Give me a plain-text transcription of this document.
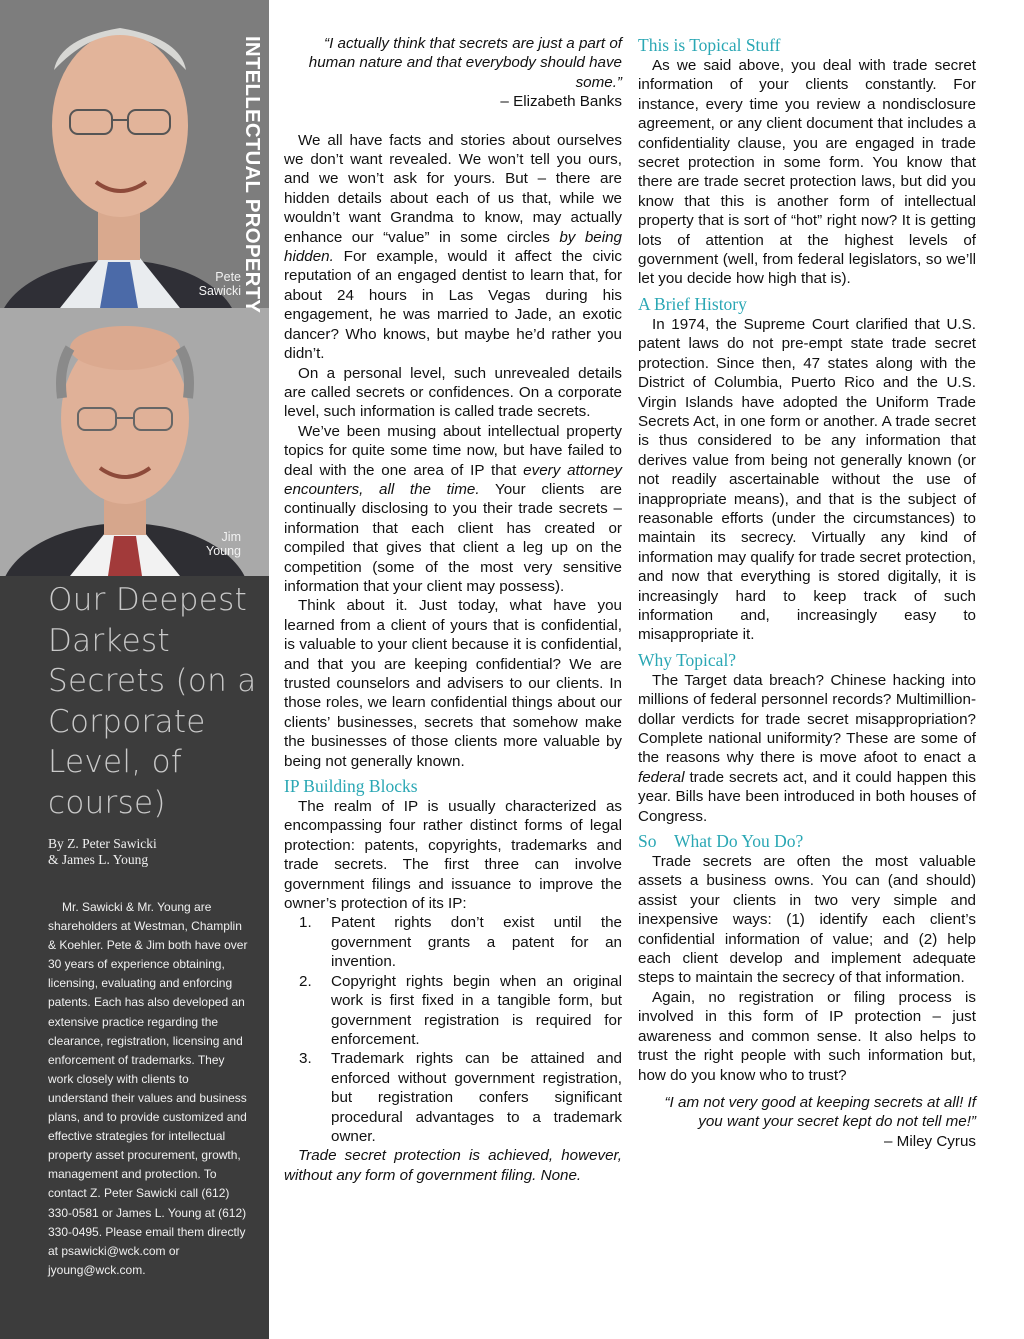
Pete
Sawicki
Jim
Young
INTELLECTUAL PROPERTY
Our Deepest Darkest Secrets (on a Corporate Level, of course)
By Z. Peter Sawicki
& James L. Young
Mr. Sawicki & Mr. Young are shareholders at Westman, Champlin & Koehler. Pete & Jim both have over 30 years of experience obtaining, licensing, evaluating and enforcing patents. Each has also developed an extensive practice regarding the clearance, registration, licensing and enforcement of trademarks. They work closely with clients to understand their values and business plans, and to provide customized and effective strategies for intellectual property asset procurement, growth, management and protection. To contact Z. Peter Sawicki call (612) 330-0581 or James L. Young at (612) 330-0495. Please email them directly at psawicki@wck.com or jyoung@wck.com.
“I actually think that secrets are just a part of human nature and that everybody should have some.”
– Elizabeth Banks

We all have facts and stories about ourselves we don’t want revealed. We won’t tell you ours, and we won’t ask for yours. But – there are hidden details about each of us that, while we wouldn’t want Grandma to know, may actually enhance our “value” in some circles by being hidden. For example, would it affect the civic reputation of an engaged dentist to learn that, for about 24 hours in Las Vegas during his engagement, he was married to Jade, an exotic dancer? Who knows, but maybe he’d rather you didn’t.

On a personal level, such unrevealed details are called secrets or confidences. On a corporate level, such information is called trade secrets.

We’ve been musing about intellectual property topics for quite some time now, but have failed to deal with the one area of IP that every attorney encounters, all the time. Your clients are continually disclosing to you their trade secrets – information that each client has created or compiled that gives that client a leg up on the competition (some of the most very sensitive information that your client may possess).

Think about it. Just today, what have you learned from a client of yours that is confidential, is valuable to your client because it is confidential, and that you are keeping confidential? We are trusted counselors and advisers to our clients. In those roles, we learn confidential things about our clients’ businesses, secrets that somehow make the businesses of those clients more valuable by being not generally known.

IP Building Blocks

The realm of IP is usually characterized as encompassing four rather distinct forms of legal protection: patents, copyrights, trademarks and trade secrets. The first three can involve government filings and issuance to improve the owner’s protection of its IP:

1. Patent rights don’t exist until the government grants a patent for an invention.
2. Copyright rights begin when an original work is first fixed in a tangible form, but government registration is required for enforcement.
3. Trademark rights can be attained and enforced without government registration, but registration confers significant procedural advantages to a trademark owner.
Trade secret protection is achieved, however, without any form of government filing. None.
This is Topical Stuff

As we said above, you deal with trade secret information of your clients constantly. For instance, every time you review a nondisclosure agreement, or any client document that includes a confidentiality clause, you are engaged in trade secret protection in some form. You know that there are trade secret protection laws, but did you know that this is another form of intellectual property that is sort of “hot” right now? It is getting lots of attention at the highest levels of government (well, from federal legislators, so we’ll let you decide how high that is).

A Brief History

In 1974, the Supreme Court clarified that U.S. patent laws do not pre-empt state trade secret protection. Since then, 47 states along with the District of Columbia, Puerto Rico and the U.S. Virgin Islands have adopted the Uniform Trade Secrets Act, in one form or another. A trade secret is thus considered to be any information that derives value from being not generally known (or not readily ascertainable without the use of inappropriate means), and that is the subject of reasonable efforts (under the circumstances) to maintain its secrecy. Virtually any kind of information may qualify for trade secret protection, and now that everything is stored digitally, it is increasingly hard to keep track of such information and, increasingly easy to misappropriate it.

Why Topical?

The Target data breach? Chinese hacking into millions of federal personnel records? Multimillion-dollar verdicts for trade secret misappropriation? Complete national uniformity? These are some of the reasons why there is move afoot to enact a federal trade secrets act, and it could happen this year. Bills have been introduced in both houses of Congress.

So What Do You Do?

Trade secrets are often the most valuable assets a business owns. You can (and should) assist your clients in two very simple and inexpensive ways: (1) identify each client’s confidential information of value; and (2) help each client develop and implement adequate steps to maintain the secrecy of that information.

Again, no registration or filing process is involved in this form of IP protection – just awareness and common sense. It also helps to trust the right people with such information but, how do you know who to trust?

“I am not very good at keeping secrets at all! If you want your secret kept do not tell me!”
– Miley Cyrus
